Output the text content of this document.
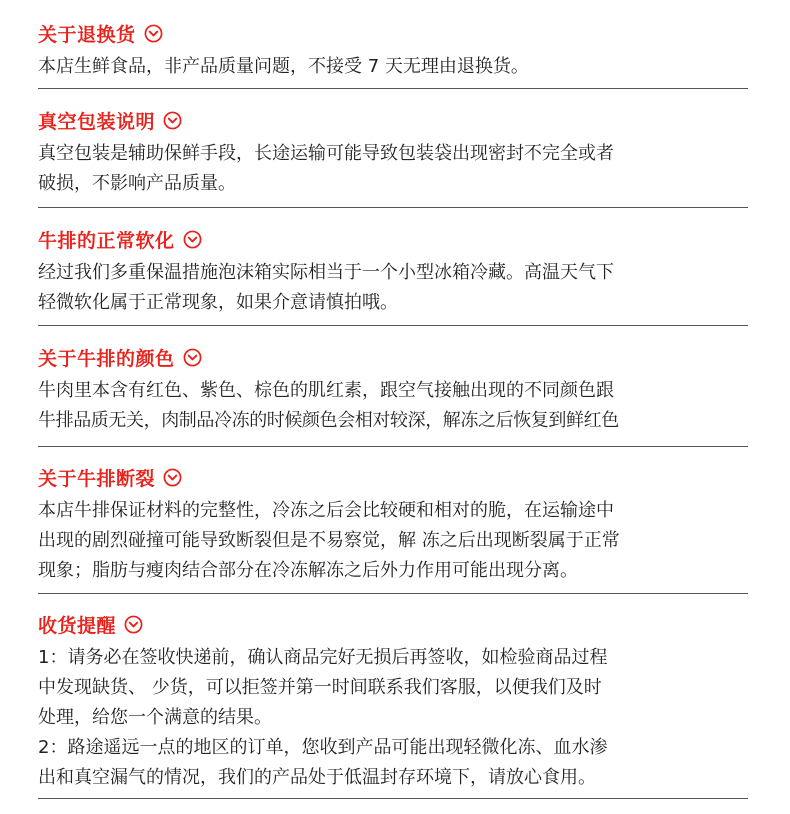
关于退换货
本店生鲜食品，非产品质量问题，不接受 7 天无理由退换货。
真空包装说明
真空包装是辅助保鲜手段，长途运输可能导致包装袋出现密封不完全或者
破损，不影响产品质量。
牛排的正常软化
经过我们多重保温措施泡沫箱实际相当于一个小型冰箱冷藏。高温天气下
轻微软化属于正常现象，如果介意请慎拍哦。
关于牛排的颜色
牛肉里本含有红色、紫色、棕色的肌红素，跟空气接触出现的不同颜色跟
牛排品质无关，肉制品冷冻的时候颜色会相对较深，解冻之后恢复到鲜红色
关于牛排断裂
本店牛排保证材料的完整性，冷冻之后会比较硬和相对的脆，在运输途中
出现的剧烈碰撞可能导致断裂但是不易察觉，解 冻之后出现断裂属于正常
现象；脂肪与瘦肉结合部分在冷冻解冻之后外力作用可能出现分离。
收货提醒
1：请务必在签收快递前，确认商品完好无损后再签收，如检验商品过程
中发现缺货、 少货，可以拒签并第一时间联系我们客服，以便我们及时
处理，给您一个满意的结果。
2：路途遥远一点的地区的订单，您收到产品可能出现轻微化冻、血水渗
出和真空漏气的情况，我们的产品处于低温封存环境下，请放心食用。
